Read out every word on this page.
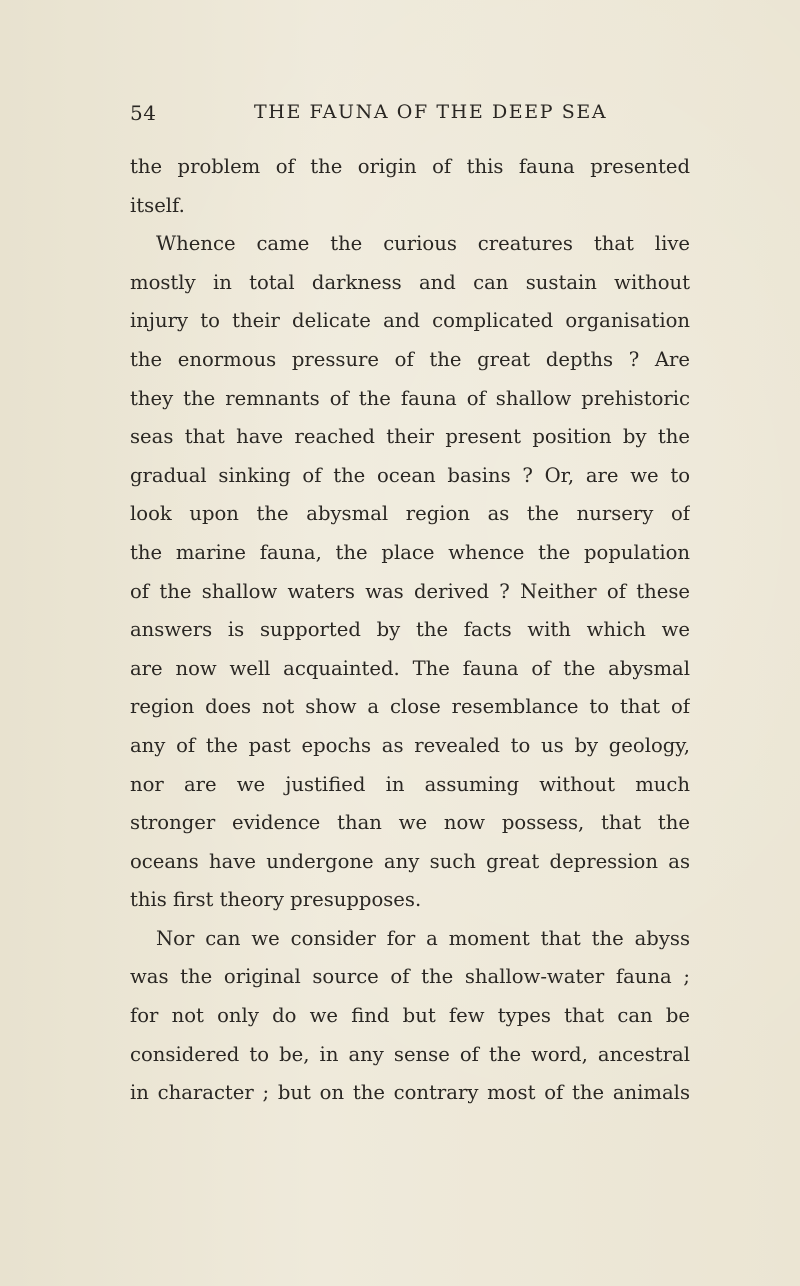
54	THE FAUNA OF THE DEEP SEA
the problem of the origin of this fauna presented
itself.
Whence came the curious creatures that live
mostly in total darkness and can sustain without
injury to their delicate and complicated organisation
the enormous pressure of the great depths ? Are
they the remnants of the fauna of shallow prehistoric
seas that have reached their present position by the
gradual sinking of the ocean basins ? Or, are we to
look upon the abysmal region as the nursery of
the marine fauna, the place whence the population
of the shallow waters was derived ? Neither of these
answers is supported by the facts with which we
are now well acquainted. The fauna of the abysmal
region does not show a close resemblance to that of
any of the past epochs as revealed to us by geology,
nor are we justified in assuming without much
stronger evidence than we now possess, that the
oceans have undergone any such great depression as
this first theory presupposes.
Nor can we consider for a moment that the abyss
was the original source of the shallow-water fauna ;
for not only do we find but few types that can be
considered to be, in any sense of the word, ancestral
in character ; but on the contrary most of the animals
